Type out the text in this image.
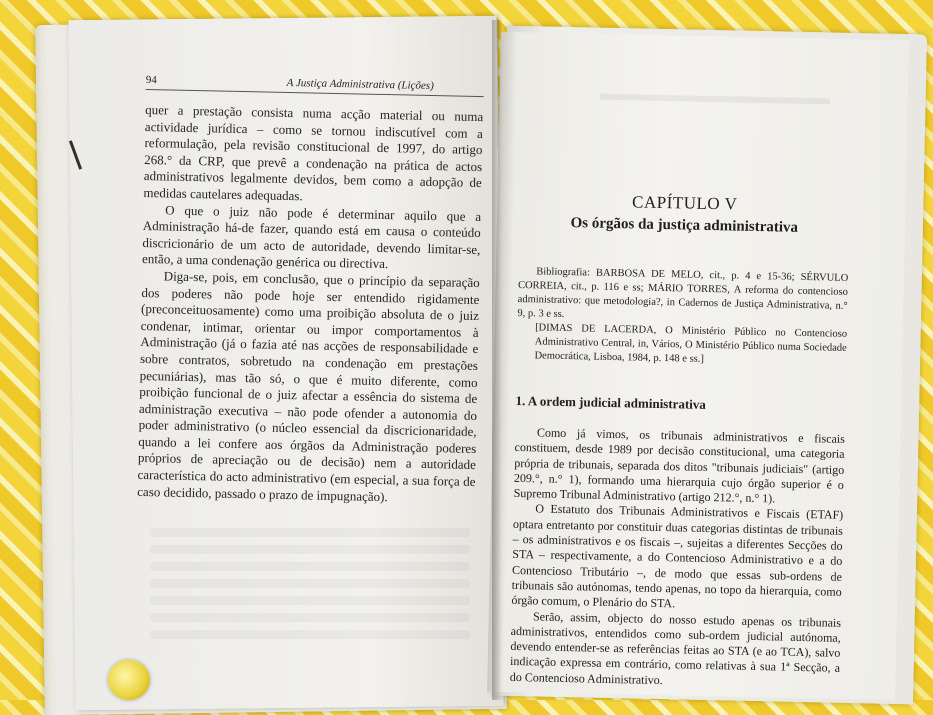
94	A Justiça Administrativa (Lições)

quer a prestação consista numa acção material ou numa actividade jurídica – como se tornou indiscutível com a reformulação, pela revisão constitucional de 1997, do artigo 268.° da CRP, que prevê a condenação na prática de actos administrativos legalmente devidos, bem como a adopção de medidas cautelares adequadas.

O que o juiz não pode é determinar aquilo que a Administração há-de fazer, quando está em causa o conteúdo discricionário de um acto de autoridade, devendo limitar-se, então, a uma condenação genérica ou directiva.

Diga-se, pois, em conclusão, que o princípio da separação dos poderes não pode hoje ser entendido rigidamente (preconceituosamente) como uma proibição absoluta de o juiz condenar, intimar, orientar ou impor comportamentos à Administração (já o fazia até nas acções de responsabilidade e sobre contratos, sobretudo na condenação em prestações pecuniárias), mas tão só, o que é muito diferente, como proibição funcional de o juiz afectar a essência do sistema de administração executiva – não pode ofender a autonomia do poder administrativo (o núcleo essencial da discricionaridade, quando a lei confere aos órgãos da Administração poderes próprios de apreciação ou de decisão) nem a autoridade característica do acto administrativo (em especial, a sua força de caso decidido, passado o prazo de impugnação).

CAPÍTULO V
Os órgãos da justiça administrativa
Bibliografia: BARBOSA DE MELO, cit., p. 4 e 15-36; SÉRVULO CORREIA, cit., p. 116 e ss; MÁRIO TORRES, A reforma do contencioso administrativo: que metodologia?, in Cadernos de Justiça Administrativa, n.° 9, p. 3 e ss.
[DIMAS DE LACERDA, O Ministério Público no Contencioso Administrativo Central, in, Vários, O Ministério Público numa Sociedade Democrática, Lisboa, 1984, p. 148 e ss.]
1. A ordem judicial administrativa

Como já vimos, os tribunais administrativos e fiscais constituem, desde 1989 por decisão constitucional, uma categoria própria de tribunais, separada dos ditos "tribunais judiciais" (artigo 209.°, n.° 1), formando uma hierarquia cujo órgão superior é o Supremo Tribunal Administrativo (artigo 212.°, n.° 1).

O Estatuto dos Tribunais Administrativos e Fiscais (ETAF) optara entretanto por constituir duas categorias distintas de tribunais – os administrativos e os fiscais –, sujeitas a diferentes Secções do STA – respectivamente, a do Contencioso Administrativo e a do Contencioso Tributário –, de modo que essas sub-ordens de tribunais são autónomas, tendo apenas, no topo da hierarquia, como órgão comum, o Plenário do STA.

Serão, assim, objecto do nosso estudo apenas os tribunais administrativos, entendidos como sub-ordem judicial autónoma, devendo entender-se as referências feitas ao STA (e ao TCA), salvo indicação expressa em contrário, como relativas à sua 1ª Secção, a do Contencioso Administrativo.
